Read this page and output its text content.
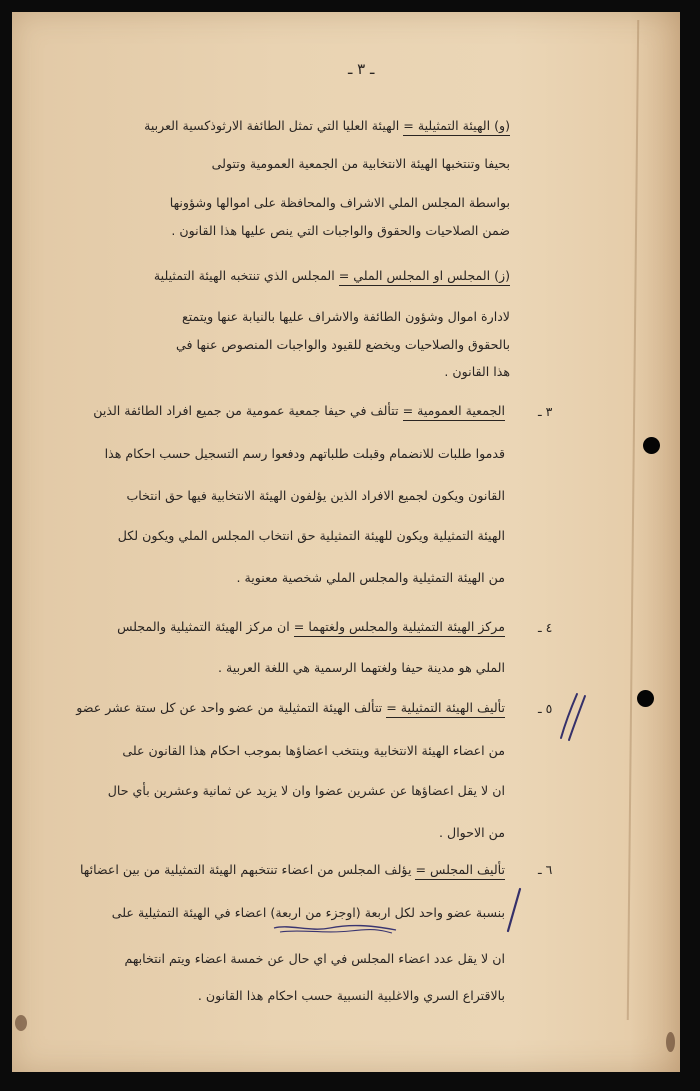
ـ ٣ ـ
٣ ـ
٤ ـ
٥ ـ
٦ ـ
(و) الهيئة التمثيلية = الهيئة العليا التي تمثل الطائفة الارثوذكسية العربية
بحيفا وتنتخبها الهيئة الانتخابية من الجمعية العمومية وتتولى
بواسطة المجلس الملي الاشراف والمحافظة على اموالها وشؤونها
ضمن الصلاحيات والحقوق والواجبات التي ينص عليها هذا القانون .
(ز) المجلس او المجلس الملي = المجلس الذي تنتخبه الهيئة التمثيلية
لادارة اموال وشؤون الطائفة والاشراف عليها بالنيابة عنها ويتمتع
بالحقوق والصلاحيات ويخضع للقيود والواجبات المنصوص عنها في
هذا القانون .
الجمعية العمومية = تتألف في حيفا جمعية عمومية من جميع افراد الطائفة الذين
قدموا طلبات للانضمام وقبلت طلباتهم ودفعوا رسم التسجيل حسب احكام هذا
القانون ويكون لجميع الافراد الذين يؤلفون الهيئة الانتخابية فيها حق انتخاب
الهيئة التمثيلية ويكون للهيئة التمثيلية حق انتخاب المجلس الملي ويكون لكل
من الهيئة التمثيلية والمجلس الملي شخصية معنوية .
مركز الهيئة التمثيلية والمجلس ولغتهما = ان مركز الهيئة التمثيلية والمجلس
الملي هو مدينة حيفا ولغتهما الرسمية هي اللغة العربية .
تأليف الهيئة التمثيلية = تتألف الهيئة التمثيلية من عضو واحد عن كل ستة عشر عضو
من اعضاء الهيئة الانتخابية وينتخب اعضاؤها بموجب احكام هذا القانون على
ان لا يقل اعضاؤها عن عشرين عضوا وان لا يزيد عن ثمانية وعشرين بأي حال
من الاحوال .
تأليف المجلس = يؤلف المجلس من اعضاء تنتخبهم الهيئة التمثيلية من بين اعضائها
بنسبة عضو واحد لكل اربعة (اوجزء من اربعة) اعضاء في الهيئة التمثيلية على
ان لا يقل عدد اعضاء المجلس في اي حال عن خمسة اعضاء ويتم انتخابهم
بالاقتراع السري والاغلبية النسبية حسب احكام هذا القانون .
